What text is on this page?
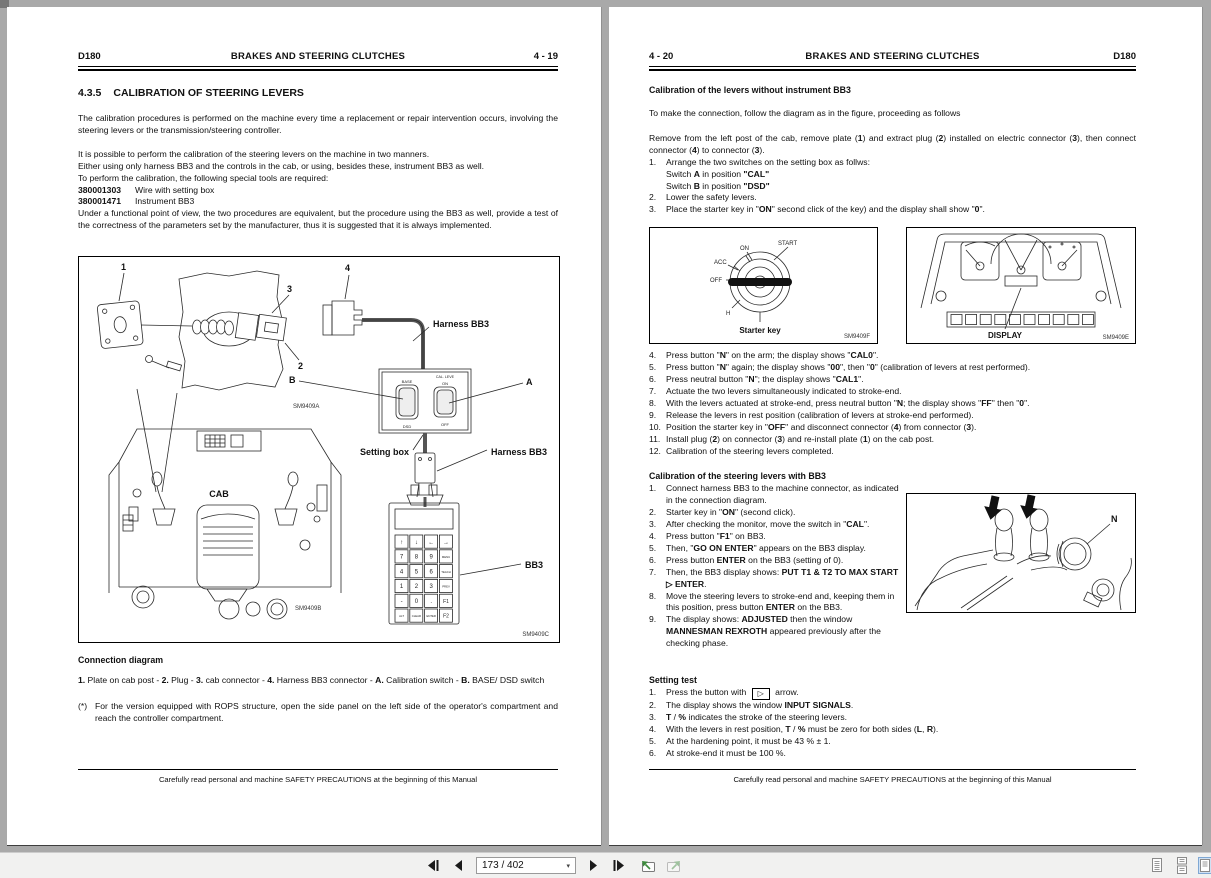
D180	BRAKES AND STEERING CLUTCHES	4 - 19
4.3.5 CALIBRATION OF STEERING LEVERS
The calibration procedures is performed on the machine every time a replacement or repair intervention occurs, involving the steering levers or the transmission/steering controller.
It is possible to perform the calibration of the steering levers on the machine in two manners.
Either using only harness BB3 and the controls in the cab, or using, besides these, instrument BB3 as well.
To perform the calibration, the following special tools are required:
380001303 Wire with setting box
380001471 Instrument BB3
Under a functional point of view, the two procedures are equivalent, but the procedure using the BB3 as well, provide a test of the correctness of the parameters set by the manufacturer, thus it is suggested that it is always implemented.
1
2
3
4
Harness BB3
B	A
Setting box	Harness BB3
CAB
BB3
BASE
DSD
CAL. LEVE
ON
OFF
SM9409A
SM9409B
SM9409C
↑ ↓ ← →
7 8 9	MENU
4 5 6	TEACH
1 2 3	PREV
- 0 . F1
ALT	CLEAR ENTER F2
Connection diagram
1. Plate on cab post - 2. Plug - 3. cab connector - 4. Harness BB3 connector - A. Calibration switch - B. BASE/ DSD switch
(*) For the version equipped with ROPS structure, open the side panel on the left side of the operator's compartment and reach the controller compartment.
Carefully read personal and machine SAFETY PRECAUTIONS at the beginning of this Manual
4 - 20	BRAKES AND STEERING CLUTCHES	D180
Calibration of the levers without instrument BB3
To make the connection, follow the diagram as in the figure, proceeding as follows
Remove from the left post of the cab, remove plate (1) and extract plug (2) installed on electric connector (3), then connect connector (4) to connector (3).
1.	Arrange the two switches on the setting box as follws:
Switch A in position "CAL"
Switch B in position "DSD"
2.	Lower the safety levers.
3.	Place the starter key in "ON" second click of the key) and the display shall show "0".
START
ON
ACC
OFF
H
Starter key
SM9409F	DISPLAY	SM9409E
4.	Press button "N" on the arm; the display shows "CAL0".
5.	Press button "N" again; the display shows "00", then "0" (calibration of levers at rest performed).
6.	Press neutral button "N"; the display shows "CAL1".
7.	Actuate the two levers simultaneously indicated to stroke-end.
8.	With the levers actuated at stroke-end, press neutral button "N; the display shows "FF" then "0".
9.	Release the levers in rest position (calibration of levers at stroke-end performed).
10. Position the starter key in "OFF" and disconnect connector (4) from connector (3).
11. Install plug (2) on connector (3) and re-install plate (1) on the cab post.
12. Calibration of the steering levers completed.
Calibration of the steering levers with BB3
1.	Connect harness BB3 to the machine connector, as indicated
in the connection diagram.
2.	Starter key in "ON" (second click).
3.	After checking the monitor, move the switch in "CAL".
4.	Press button "F1" on BB3.
5.	Then, "GO ON ENTER" appears on the BB3 display.
6.	Press button ENTER on the BB3 (setting of 0).
7.	Then, the BB3 display shows: PUT T1 & T2 TO MAX START ▷ ENTER.
8.	Move the steering levers to stroke-end and, keeping them in this position, press button ENTER on the BB3.
9.	The display shows: ADJUSTED then the window MANNESMAN REXROTH appeared previously after the checking phase.
N
Setting test
1.	Press the button with ▷ arrow.
2.	The display shows the window INPUT SIGNALS.
3.	T / % indicates the stroke of the steering levers.
4.	With the levers in rest position, T / % must be zero for both sides (L, R).
5.	At the hardening point, it must be 43 % ± 1.
6.	At stroke-end it must be 100 %.
Carefully read personal and machine SAFETY PRECAUTIONS at the beginning of this Manual
173 / 402	▾
